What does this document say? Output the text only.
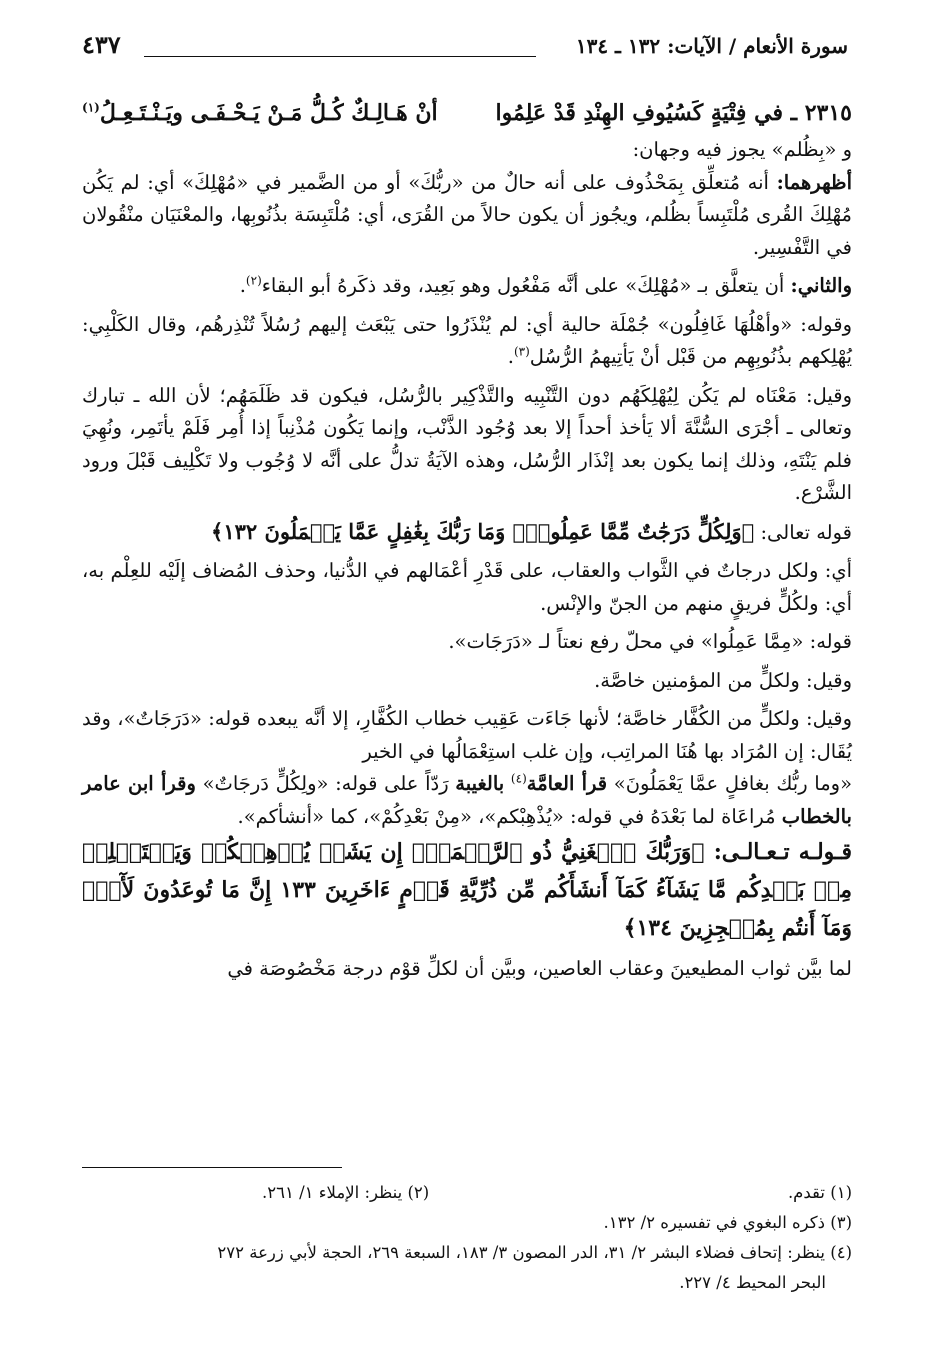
سورة الأنعام / الآيات: ١٣٢ ـ ١٣٤
٤٣٧
٢٣١٥ ـ في فِتْيَةٍ كَسُيُوفِ الهِنْدِ قَدْ عَلِمُوا
أنْ هَـالِـكٌ كُـلُّ مَـنْ يَـحْـفَـى ويَـنْـتَـعِـلُ$^{(١)}$

و «بِظُلم» يجوز فيه وجهان:

أظهرهما: أنه مُتعلِّق بِمَحْذُوف على أنه حالٌ من «ربُّكَ» أو من الضَّمير في «مُهْلِكَ» أي: لم يَكُن مُهْلِكَ القُرى مُلْتَبِساً بظُلم، ويجُوز أن يكون حالاً من القُرَى، أي: مُلْتَبِسَة بذُنُوبِها، والمعْنَيَان منْقُولان في التَّفْسِير.

والثاني: أن يتعلَّق بـ «مُهْلِكَ» على أنَّه مَفْعُول وهو بَعِيد، وقد ذكَرهُ أبو البقاء$^{(٢)}$.

وقوله: «وأهْلُهَا غَافِلُون» جُمْلَة حالية أي: لم يُنْذَرُوا حتى يَبْعَث إليهم رُسُلاً تُنْذِرهُم، وقال الكَلْبِي: يُهْلِكهم بذُنُوبِهِم من قَبْل أنْ يَأتِيهمُ الرُّسُل$^{(٣)}$.

وقيل: مَعْنَاه لم يَكُن لِيُهْلِكَهُم دون التَّنْبِيه والتَّذْكِير بالرُّسُل، فيكون قد ظَلَمَهُم؛ لأن الله ـ تبارك وتعالى ـ أجْرَى السُّنَّةَ ألا يَأخذ أحداً إلا بعد وُجُود الذَّنْب، وإنما يَكُون مُذْنِباً إذا أُمِر فَلَمْ يأتَمِر، ونُهِيَ فلم يَنْتَهِ، وذلك إنما يكون بعد إنْذَار الرُّسُل، وهذه الآيَةُ تدلُّ على أنَّه لا وُجُوب ولا تَكْلِيف قَبْلَ ورود الشَّرْع.

قوله تعالى: ﴿وَلِكُلٍّ دَرَجَٰتٌ مِّمَّا عَمِلُواْۚ وَمَا رَبُّكَ بِغَٰفِلٍ عَمَّا يَعۡمَلُونَ ١٣٢﴾

أي: ولكل درجاتٌ في الثَّواب والعقاب، على قَدْرِ أعْمَالهم في الدُّنيا، وحذف المُضاف إلَيْه للعِلْم به، أي: ولكُلٍّ فريقٍ منهم من الجنّ والإنْس.

قوله: «مِمَّا عَمِلُوا» في محلّ رفع نعتاً لـ «دَرَجَات».

وقيل: ولكلٍّ من المؤمنين خاصَّة.

وقيل: ولكلٍّ من الكُفَّار خاصَّة؛ لأنها جَاءَت عَقِيب خطاب الكُفَّارِ، إلا أنَّه يبعده قوله: «دَرَجَاتٌ»، وقد يُقَال: إن المُرَاد بها هُنَا المراتِب، وإن غلب استِعْمَالُها في الخير

«وما ربُّك بغافلٍ عمَّا يَعْمَلُونَ» قرأ العامَّة$^{(٤)}$ بالغيبة رَدّاً على قوله: «ولِكُلٍّ دَرجَاتٌ» وقرأ ابن عامر بالخطاب مُراعَاة لما بَعْدَهُ في قوله: «يُذْهِبْكم»، «مِنْ بَعْدِكُمْ»، كما «أنشأكم».

قـولـه تـعـالـى: ﴿وَرَبُّكَ ٱلۡغَنِيُّ ذُو ٱلرَّحۡمَةِۚ إِن يَشَأۡ يُذۡهِبۡكُمۡ وَيَسۡتَخۡلِفۡ مِنۢ بَعۡدِكُم مَّا يَشَآءُ كَمَآ أَنشَأَكُم مِّن ذُرِّيَّةِ قَوۡمٍ ءَاخَرِينَ ١٣٣ إِنَّ مَا تُوعَدُونَ لَأٓتٍۖ وَمَآ أَنتُم بِمُعۡجِزِينَ ١٣٤﴾

لما بيَّن ثواب المطيعينَ وعقاب العاصين، وبيَّن أن لكلِّ قوْم درجة مَخْصُوصَة في

(١) تقدم.
(٢) ينظر: الإملاء ١/ ٢٦١.
(٣) ذكره البغوي في تفسيره ٢/ ١٣٢.
(٤) ينظر: إتحاف فضلاء البشر ٢/ ٣١، الدر المصون ٣/ ١٨٣، السبعة ٢٦٩، الحجة لأبي زرعة ٢٧٢
البحر المحيط ٤/ ٢٢٧.
